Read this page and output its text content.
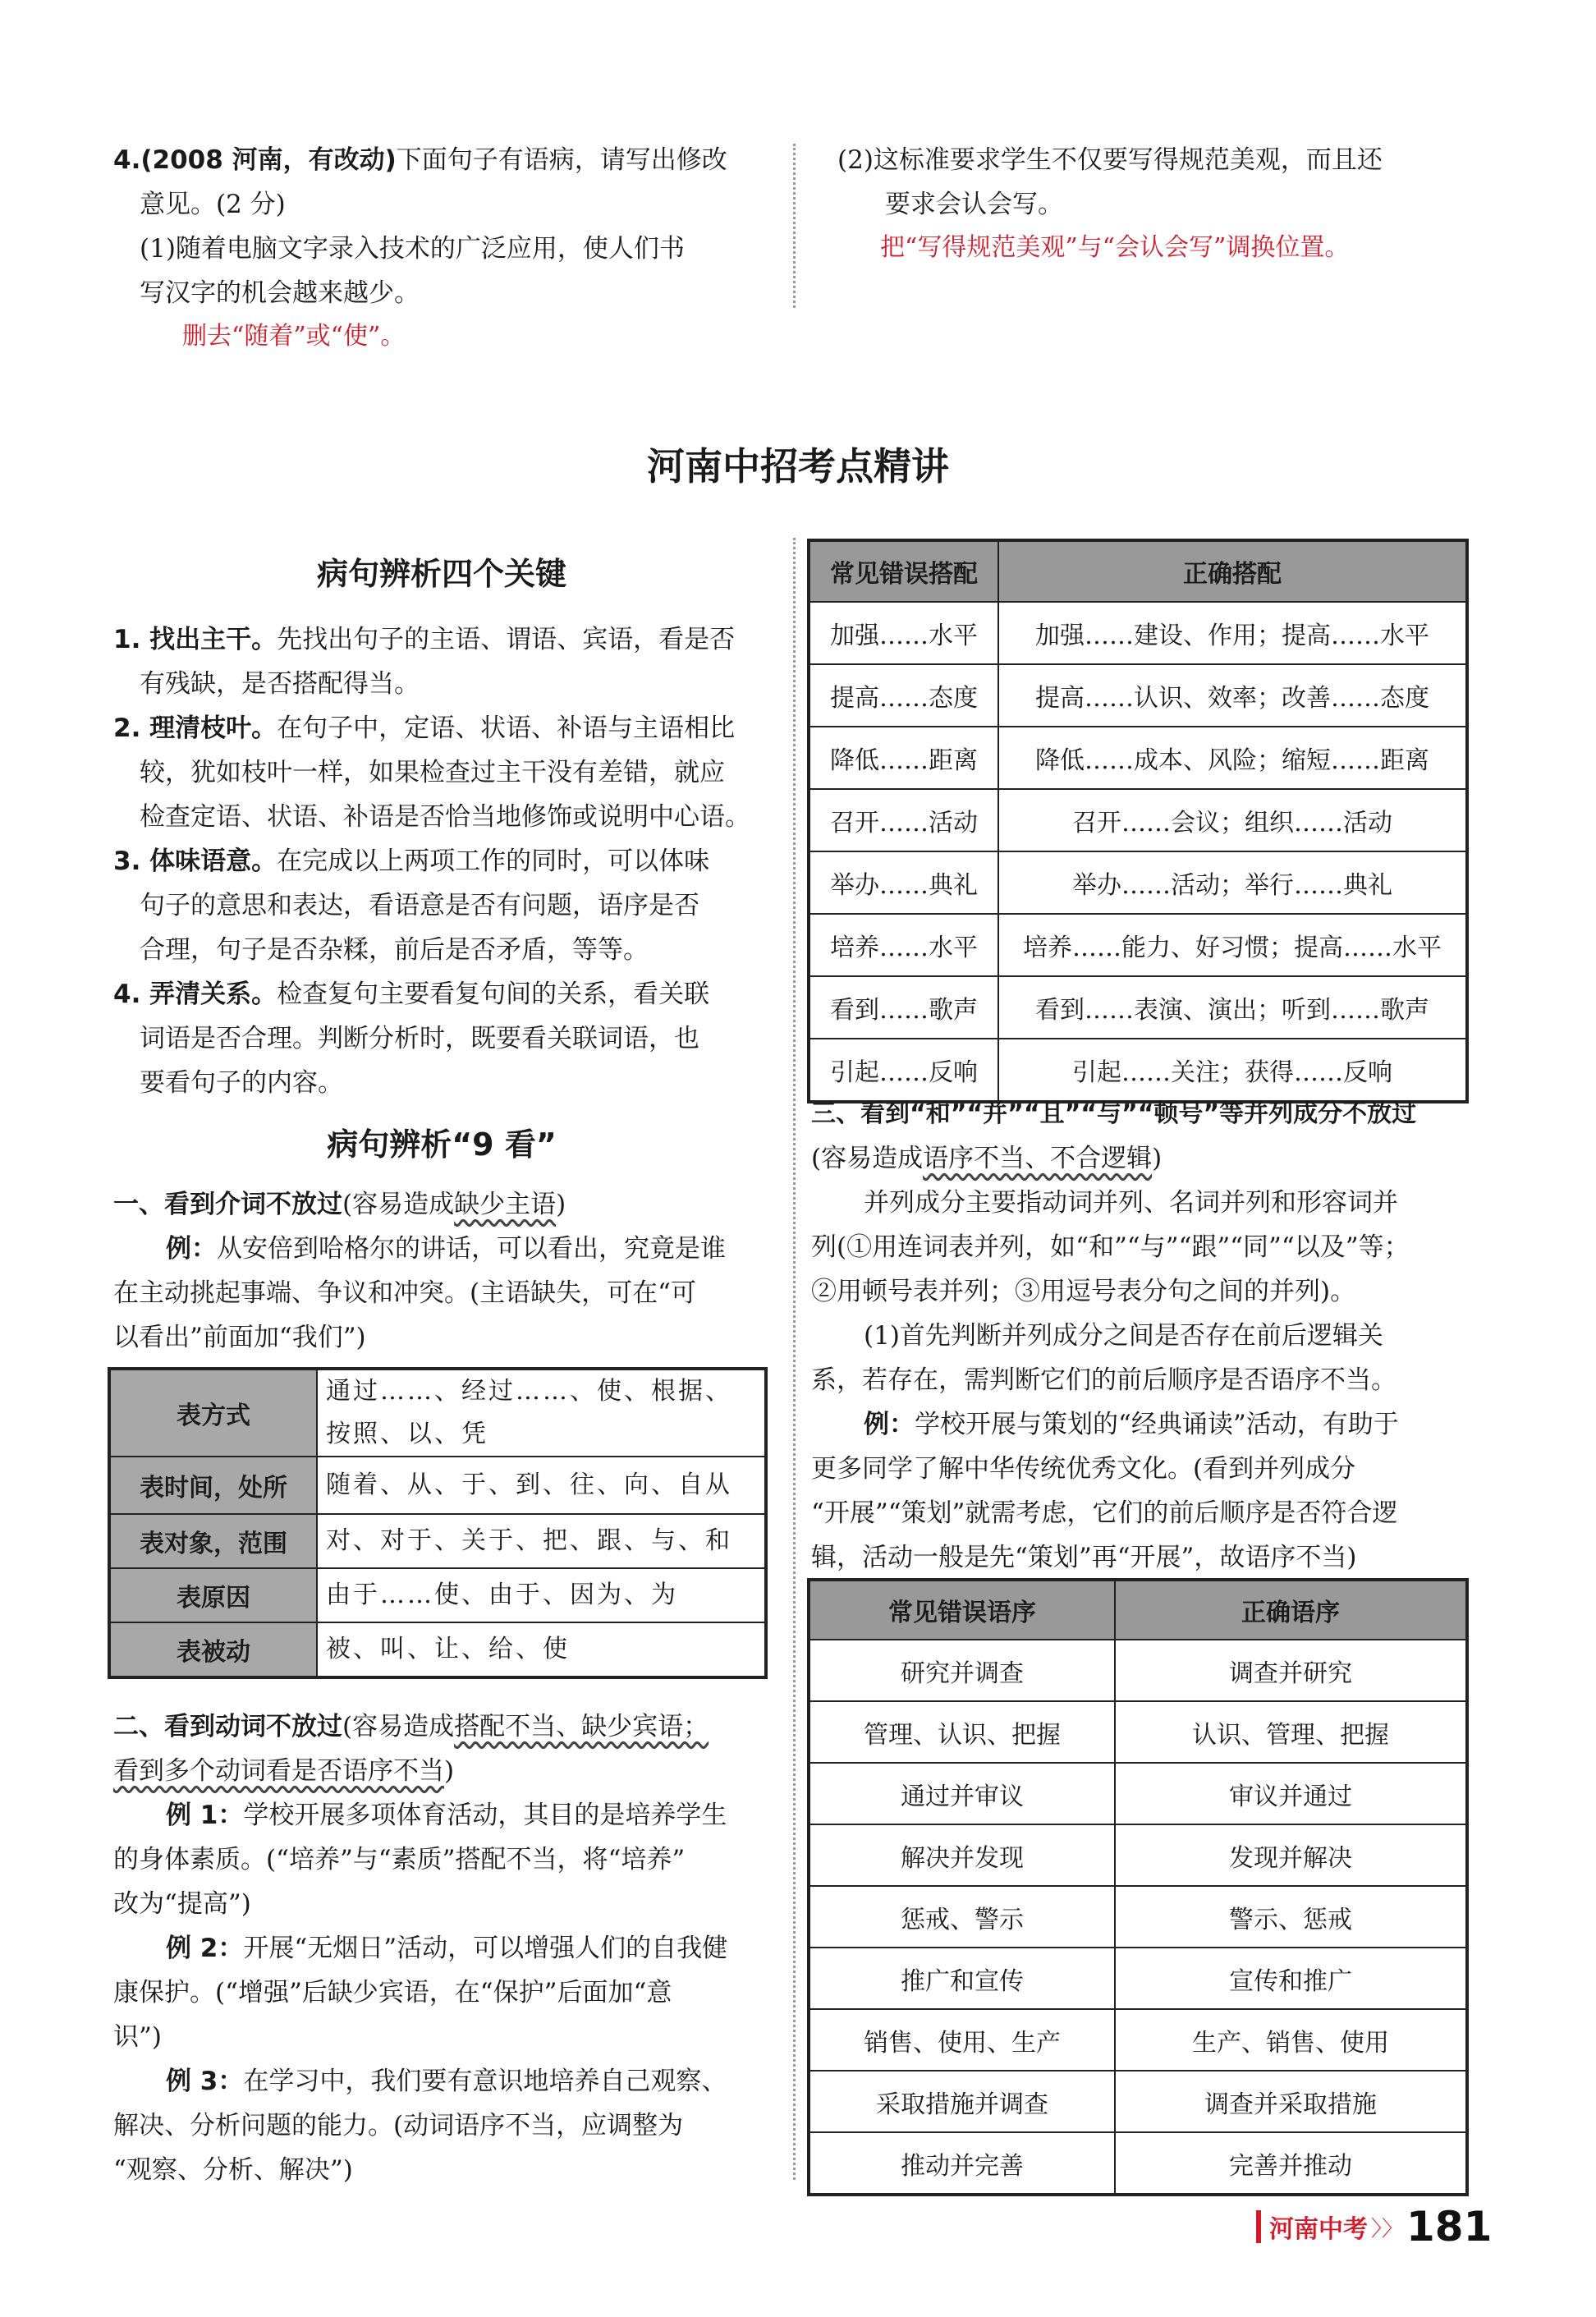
4.(2008 河南，有改动)下面句子有语病，请写出修改

意见。(2 分)

(1)随着电脑文字录入技术的广泛应用，使人们书

写汉字的机会越来越少。

删去“随着”或“使”。

(2)这标准要求学生不仅要写得规范美观，而且还

要求会认会写。

把“写得规范美观”与“会认会写”调换位置。

河南中招考点精讲
病句辨析四个关键

1. 找出主干。先找出句子的主语、谓语、宾语，看是否

有残缺，是否搭配得当。

2. 理清枝叶。在句子中，定语、状语、补语与主语相比

较，犹如枝叶一样，如果检查过主干没有差错，就应

检查定语、状语、补语是否恰当地修饰或说明中心语。

3. 体味语意。在完成以上两项工作的同时，可以体味

句子的意思和表达，看语意是否有问题，语序是否

合理，句子是否杂糅，前后是否矛盾，等等。

4. 弄清关系。检查复句主要看复句间的关系，看关联

词语是否合理。判断分析时，既要看关联词语，也

要看句子的内容。

病句辨析“9 看”

一、看到介词不放过(容易造成缺少主语)

例：从安倍到哈格尔的讲话，可以看出，究竟是谁

在主动挑起事端、争议和冲突。(主语缺失，可在“可

以看出”前面加“我们”)

表方式	通过……、经过……、使、根据、按照、以、凭
表时间，处所	随着、从、于、到、往、向、自从
表对象，范围	对、对于、关于、把、跟、与、和
表原因	由于……使、由于、因为、为
表被动	被、叫、让、给、使

二、看到动词不放过(容易造成搭配不当、缺少宾语；

看到多个动词看是否语序不当)

例 1：学校开展多项体育活动，其目的是培养学生

的身体素质。(“培养”与“素质”搭配不当，将“培养”

改为“提高”)

例 2：开展“无烟日”活动，可以增强人们的自我健

康保护。(“增强”后缺少宾语，在“保护”后面加“意

识”)

例 3：在学习中，我们要有意识地培养自己观察、

解决、分析问题的能力。(动词语序不当，应调整为

“观察、分析、解决”)

常见错误搭配	正确搭配
加强……水平	加强……建设、作用；提高……水平
提高……态度	提高……认识、效率；改善……态度
降低……距离	降低……成本、风险；缩短……距离
召开……活动	召开……会议；组织……活动
举办……典礼	举办……活动；举行……典礼
培养……水平	培养……能力、好习惯；提高……水平
看到……歌声	看到……表演、演出；听到……歌声
引起……反响	引起……关注；获得……反响

三、看到“和”“并”“且”“与”“顿号”等并列成分不放过

(容易造成语序不当、不合逻辑)

并列成分主要指动词并列、名词并列和形容词并

列(①用连词表并列，如“和”“与”“跟”“同”“以及”等；

②用顿号表并列；③用逗号表分句之间的并列)。

(1)首先判断并列成分之间是否存在前后逻辑关

系，若存在，需判断它们的前后顺序是否语序不当。

例：学校开展与策划的“经典诵读”活动，有助于

更多同学了解中华传统优秀文化。(看到并列成分

“开展”“策划”就需考虑，它们的前后顺序是否符合逻

辑，活动一般是先“策划”再“开展”，故语序不当)

常见错误语序	正确语序
研究并调查	调查并研究
管理、认识、把握	认识、管理、把握
通过并审议	审议并通过
解决并发现	发现并解决
惩戒、警示	警示、惩戒
推广和宣传	宣传和推广
销售、使用、生产	生产、销售、使用
采取措施并调查	调查并采取措施
推动并完善	完善并推动
河南中考 〉〉 181
